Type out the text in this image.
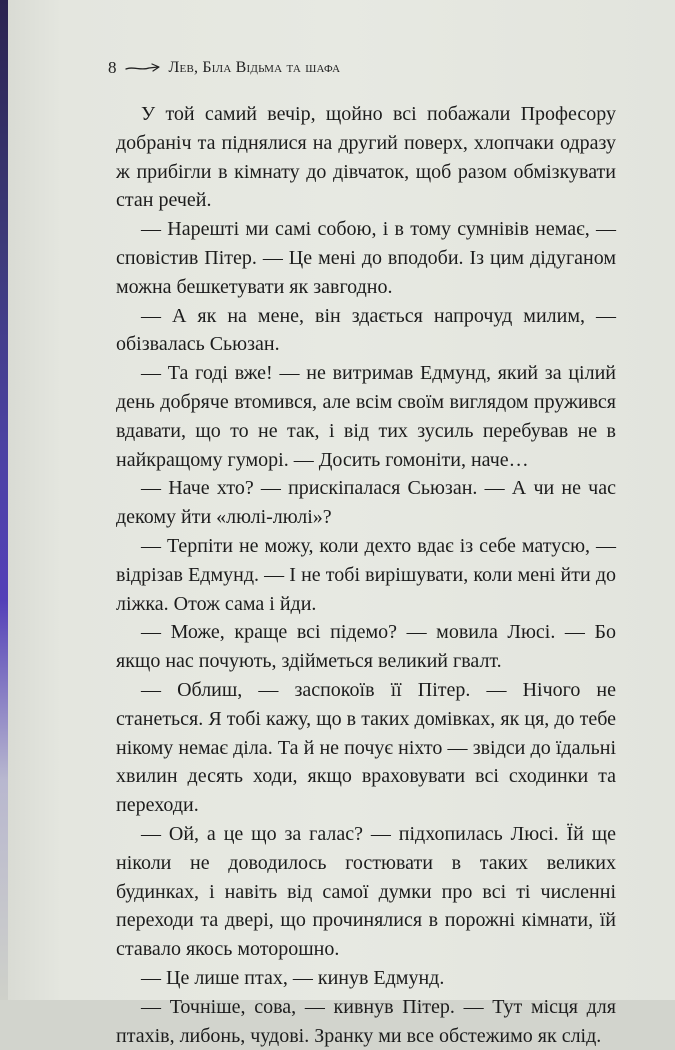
8	Лев, Біла Відьма та шафа

У той самий вечір, щойно всі побажали Професору добраніч та піднялися на другий поверх, хлопчаки одразу ж прибігли в кімнату до дівчаток, щоб разом обмізкувати стан речей.

— Нарешті ми самі собою, і в тому сумнівів немає, — сповістив Пітер. — Це мені до вподоби. Із цим дідуганом можна бешкетувати як завгодно.

— А як на мене, він здається напрочуд милим, — обізвалась Сьюзан.

— Та годі вже! — не витримав Едмунд, який за цілий день добряче втомився, але всім своїм виглядом пружився вдавати, що то не так, і від тих зусиль перебував не в найкращому гуморі. — Досить гомоніти, наче…

— Наче хто? — прискіпалася Сьюзан. — А чи не час декому йти «люлі-люлі»?

— Терпіти не можу, коли дехто вдає із себе матусю, — відрізав Едмунд. — І не тобі вирішувати, коли мені йти до ліжка. Отож сама і йди.

— Може, краще всі підемо? — мовила Люсі. — Бо якщо нас почують, здійметься великий гвалт.

— Облиш, — заспокоїв її Пітер. — Нічого не станеться. Я тобі кажу, що в таких домівках, як ця, до тебе нікому немає діла. Та й не почує ніхто — звідси до їдальні хвилин десять ходи, якщо враховувати всі сходинки та переходи.

— Ой, а це що за галас? — підхопилась Люсі. Їй ще ніколи не доводилось гостювати в таких великих будинках, і навіть від самої думки про всі ті численні переходи та двері, що прочинялися в порожні кімнати, їй ставало якось моторошно.

— Це лише птах, — кинув Едмунд.

— Точніше, сова, — кивнув Пітер. — Тут місця для птахів, либонь, чудові. Зранку ми все обстежимо як слід.
